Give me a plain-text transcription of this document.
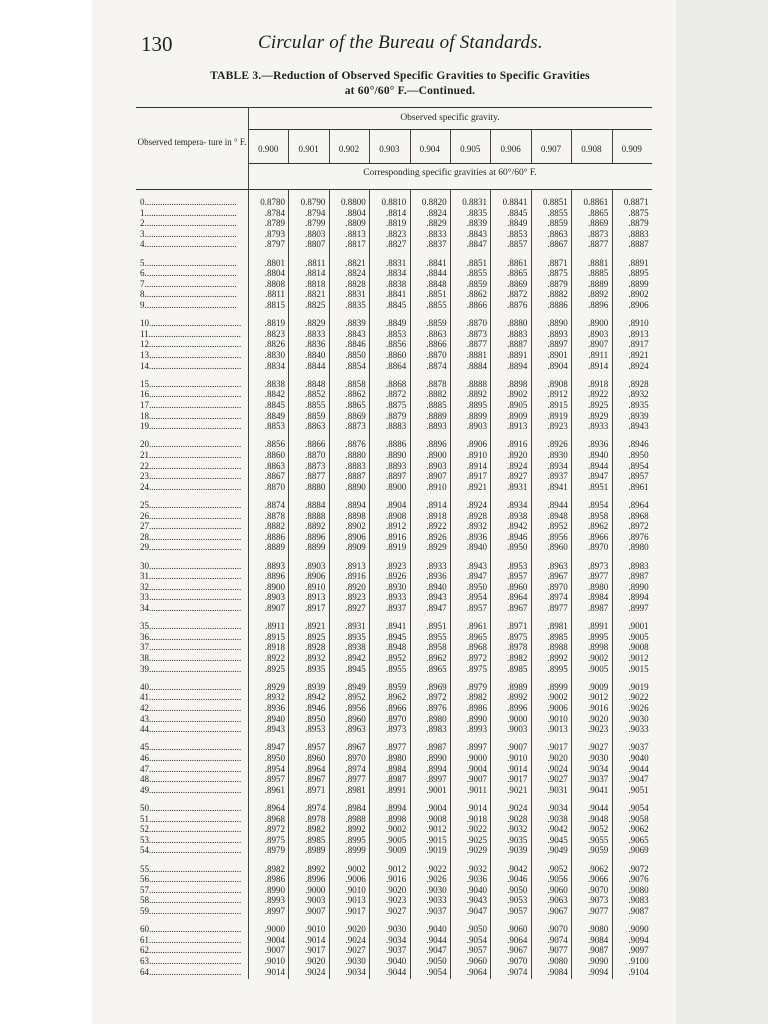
130	Circular of the Bureau of Standards.
TABLE 3.—Reduction of Observed Specific Gravities to Specific Gravities
at 60°/60° F.—Continued.
Observed tempera- ture in ° F.
Observed specific gravity.
Corresponding specific gravities at 60°/60° F.
0.900	0.901	0.902	0.903	0.904	0.905	0.906	0.907	0.908	0.909
0.........................................	0.8780	0.8790	0.8800	0.8810	0.8820	0.8831	0.8841	0.8851	0.8861	0.8871
1.........................................	.8784	.8794	.8804	.8814	.8824	.8835	.8845	.8855	.8865	.8875
2.........................................	.8789	.8799	.8809	.8819	.8829	.8839	.8849	.8859	.8869	.8879
3.........................................	.8793	.8803	.8813	.8823	.8833	.8843	.8853	.8863	.8873	.8883
4.........................................	.8797	.8807	.8817	.8827	.8837	.8847	.8857	.8867	.8877	.8887
5.........................................	.8801	.8811	.8821	.8831	.8841	.8851	.8861	.8871	.8881	.8891
6.........................................	.8804	.8814	.8824	.8834	.8844	.8855	.8865	.8875	.8885	.8895
7.........................................	.8808	.8818	.8828	.8838	.8848	.8859	.8869	.8879	.8889	.8899
8.........................................	.8811	.8821	.8831	.8841	.8851	.8862	.8872	.8882	.8892	.8902
9.........................................	.8815	.8825	.8835	.8845	.8855	.8866	.8876	.8886	.8896	.8906
10.........................................	.8819	.8829	.8839	.8849	.8859	.8870	.8880	.8890	.8900	.8910
11.........................................	.8823	.8833	.8843	.8853	.8863	.8873	.8883	.8893	.8903	.8913
12.........................................	.8826	.8836	.8846	.8856	.8866	.8877	.8887	.8897	.8907	.8917
13.........................................	.8830	.8840	.8850	.8860	.8870	.8881	.8891	.8901	.8911	.8921
14.........................................	.8834	.8844	.8854	.8864	.8874	.8884	.8894	.8904	.8914	.8924
15.........................................	.8838	.8848	.8858	.8868	.8878	.8888	.8898	.8908	.8918	.8928
16.........................................	.8842	.8852	.8862	.8872	.8882	.8892	.8902	.8912	.8922	.8932
17.........................................	.8845	.8855	.8865	.8875	.8885	.8895	.8905	.8915	.8925	.8935
18.........................................	.8849	.8859	.8869	.8879	.8889	.8899	.8909	.8919	.8929	.8939
19.........................................	.8853	.8863	.8873	.8883	.8893	.8903	.8913	.8923	.8933	.8943
20.........................................	.8856	.8866	.8876	.8886	.8896	.8906	.8916	.8926	.8936	.8946
21.........................................	.8860	.8870	.8880	.8890	.8900	.8910	.8920	.8930	.8940	.8950
22.........................................	.8863	.8873	.8883	.8893	.8903	.8914	.8924	.8934	.8944	.8954
23.........................................	.8867	.8877	.8887	.8897	.8907	.8917	.8927	.8937	.8947	.8957
24.........................................	.8870	.8880	.8890	.8900	.8910	.8921	.8931	.8941	.8951	.8961
25.........................................	.8874	.8884	.8894	.8904	.8914	.8924	.8934	.8944	.8954	.8964
26.........................................	.8878	.8888	.8898	.8908	.8918	.8928	.8938	.8948	.8958	.8968
27.........................................	.8882	.8892	.8902	.8912	.8922	.8932	.8942	.8952	.8962	.8972
28.........................................	.8886	.8896	.8906	.8916	.8926	.8936	.8946	.8956	.8966	.8976
29.........................................	.8889	.8899	.8909	.8919	.8929	.8940	.8950	.8960	.8970	.8980
30.........................................	.8893	.8903	.8913	.8923	.8933	.8943	.8953	.8963	.8973	.8983
31.........................................	.8896	.8906	.8916	.8926	.8936	.8947	.8957	.8967	.8977	.8987
32.........................................	.8900	.8910	.8920	.8930	.8940	.8950	.8960	.8970	.8980	.8990
33.........................................	.8903	.8913	.8923	.8933	.8943	.8954	.8964	.8974	.8984	.8994
34.........................................	.8907	.8917	.8927	.8937	.8947	.8957	.8967	.8977	.8987	.8997
35.........................................	.8911	.8921	.8931	.8941	.8951	.8961	.8971	.8981	.8991	.9001
36.........................................	.8915	.8925	.8935	.8945	.8955	.8965	.8975	.8985	.8995	.9005
37.........................................	.8918	.8928	.8938	.8948	.8958	.8968	.8978	.8988	.8998	.9008
38.........................................	.8922	.8932	.8942	.8952	.8962	.8972	.8982	.8992	.9002	.9012
39.........................................	.8925	.8935	.8945	.8955	.8965	.8975	.8985	.8995	.9005	.9015
40.........................................	.8929	.8939	.8949	.8959	.8969	.8979	.8989	.8999	.9009	.9019
41.........................................	.8932	.8942	.8952	.8962	.8972	.8982	.8992	.9002	.9012	.9022
42.........................................	.8936	.8946	.8956	.8966	.8976	.8986	.8996	.9006	.9016	.9026
43.........................................	.8940	.8950	.8960	.8970	.8980	.8990	.9000	.9010	.9020	.9030
44.........................................	.8943	.8953	.8963	.8973	.8983	.8993	.9003	.9013	.9023	.9033
45.........................................	.8947	.8957	.8967	.8977	.8987	.8997	.9007	.9017	.9027	.9037
46.........................................	.8950	.8960	.8970	.8980	.8990	.9000	.9010	.9020	.9030	.9040
47.........................................	.8954	.8964	.8974	.8984	.8994	.9004	.9014	.9024	.9034	.9044
48.........................................	.8957	.8967	.8977	.8987	.8997	.9007	.9017	.9027	.9037	.9047
49.........................................	.8961	.8971	.8981	.8991	.9001	.9011	.9021	.9031	.9041	.9051
50.........................................	.8964	.8974	.8984	.8994	.9004	.9014	.9024	.9034	.9044	.9054
51.........................................	.8968	.8978	.8988	.8998	.9008	.9018	.9028	.9038	.9048	.9058
52.........................................	.8972	.8982	.8992	.9002	.9012	.9022	.9032	.9042	.9052	.9062
53.........................................	.8975	.8985	.8995	.9005	.9015	.9025	.9035	.9045	.9055	.9065
54.........................................	.8979	.8989	.8999	.9009	.9019	.9029	.9039	.9049	.9059	.9069
55.........................................	.8982	.8992	.9002	.9012	.9022	.9032	.9042	.9052	.9062	.9072
56.........................................	.8986	.8996	.9006	.9016	.9026	.9036	.9046	.9056	.9066	.9076
57.........................................	.8990	.9000	.9010	.9020	.9030	.9040	.9050	.9060	.9070	.9080
58.........................................	.8993	.9003	.9013	.9023	.9033	.9043	.9053	.9063	.9073	.9083
59.........................................	.8997	.9007	.9017	.9027	.9037	.9047	.9057	.9067	.9077	.9087
60.........................................	.9000	.9010	.9020	.9030	.9040	.9050	.9060	.9070	.9080	.9090
61.........................................	.9004	.9014	.9024	.9034	.9044	.9054	.9064	.9074	.9084	.9094
62.........................................	.9007	.9017	.9027	.9037	.9047	.9057	.9067	.9077	.9087	.9097
63.........................................	.9010	.9020	.9030	.9040	.9050	.9060	.9070	.9080	.9090	.9100
64.........................................	.9014	.9024	.9034	.9044	.9054	.9064	.9074	.9084	.9094	.9104
